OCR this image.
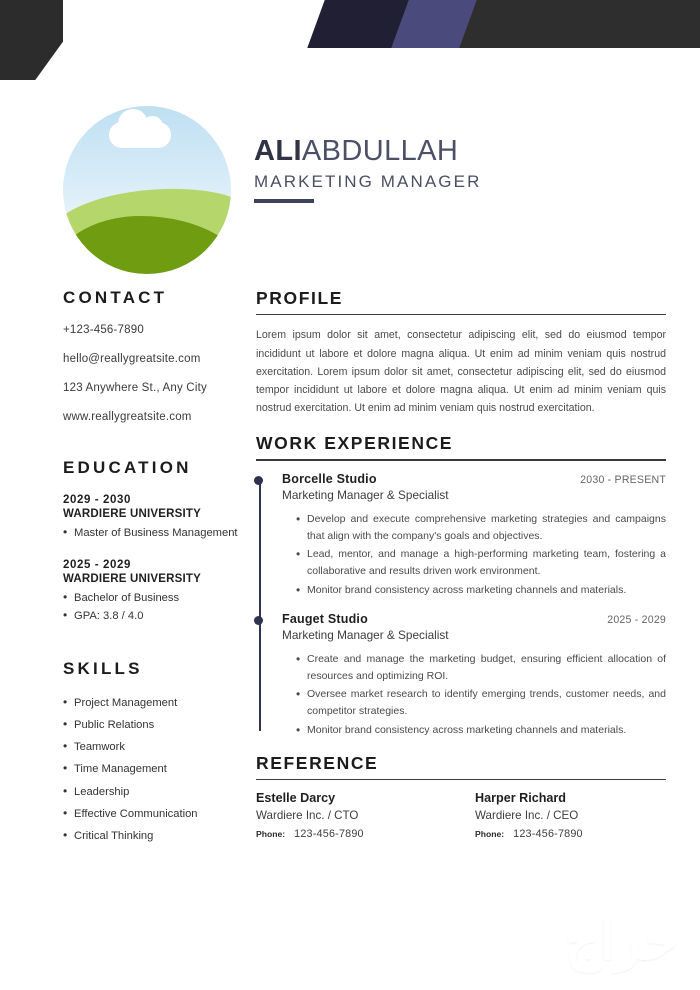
ALIABDULLAH
MARKETING MANAGER
CONTACT
+123-456-7890
hello@reallygreatsite.com
123 Anywhere St., Any City
www.reallygreatsite.com
EDUCATION
2029 - 2030
WARDIERE UNIVERSITY
• Master of Business Management
2025 - 2029
WARDIERE UNIVERSITY
• Bachelor of Business
• GPA: 3.8 / 4.0
SKILLS
• Project Management
• Public Relations
• Teamwork
• Time Management
• Leadership
• Effective Communication
• Critical Thinking
PROFILE
Lorem ipsum dolor sit amet, consectetur adipiscing elit, sed do eiusmod tempor incididunt ut labore et dolore magna aliqua. Ut enim ad minim veniam quis nostrud exercitation. Lorem ipsum dolor sit amet, consectetur adipiscing elit, sed do eiusmod tempor incididunt ut labore et dolore magna aliqua. Ut enim ad minim veniam quis nostrud exercitation. Ut enim ad minim veniam quis nostrud exercitation.
WORK EXPERIENCE
Borcelle Studio	2030 - PRESENT
Marketing Manager & Specialist
• Develop and execute comprehensive marketing strategies and campaigns that align with the company's goals and objectives.
• Lead, mentor, and manage a high-performing marketing team, fostering a collaborative and results driven work environment.
• Monitor brand consistency across marketing channels and materials.
Fauget Studio	2025 - 2029
Marketing Manager & Specialist
• Create and manage the marketing budget, ensuring efficient allocation of resources and optimizing ROI.
• Oversee market research to identify emerging trends, customer needs, and competitor strategies.
• Monitor brand consistency across marketing channels and materials.
REFERENCE
Estelle Darcy
Wardiere Inc. / CTO
Phone: 123-456-7890
Harper Richard
Wardiere Inc. / CEO
Phone: 123-456-7890
حراج
